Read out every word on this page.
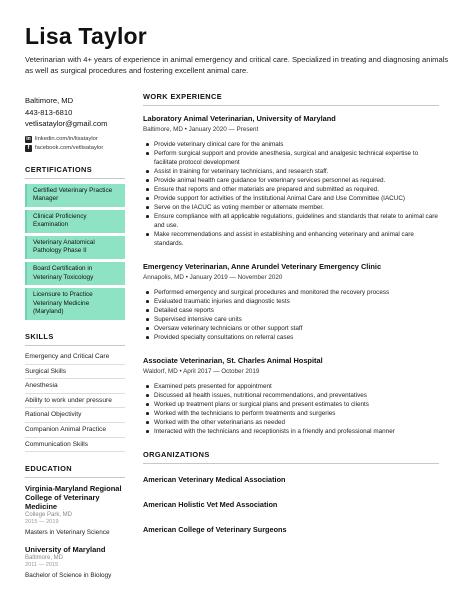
Lisa Taylor
Veterinarian with 4+ years of experience in animal emergency and critical care. Specialized in treating and diagnosing animals as well as surgical procedures and fostering excellent animal care.
Baltimore, MD
443-813-6810
vetlisataylor@gmail.com
in linkedin.com/in/lisataylor
f facebook.com/vetlisataylor
CERTIFICATIONS
Certified Veterinary Practice Manager
Clinical Proficiency Examination
Veterinary Anatomical Pathology Phase II
Board Certification in Veterinary Toxicology
Licensure to Practice Veterinary Medicine (Maryland)
SKILLS
Emergency and Critical Care
Surgical Skills
Anesthesia
Ability to work under pressure
Rational Objectivity
Companion Animal Practice
Communication Skills
EDUCATION
Virginia-Maryland Regional College of Veterinary Medicine
College Park, MD
2015 — 2019
Masters in Veterinary Science
University of Maryland
Baltimore, MD
2011 — 2015
Bachelor of Science in Biology
WORK EXPERIENCE
Laboratory Animal Veterinarian, University of Maryland
Baltimore, MD • January 2020 — Present
Provide veterinary clinical care for the animals
Perform surgical support and provide anesthesia, surgical and analgesic technical expertise to facilitate protocol development
Assist in training for veterinary technicians, and research staff.
Provide animal health care guidance for veterinary services personnel as required.
Ensure that reports and other materials are prepared and submitted as required.
Provide support for activities of the Institutional Animal Care and Use Committee (IACUC)
Serve on the IACUC as voting member or alternate member.
Ensure compliance with all applicable regulations, guidelines and standards that relate to animal care and use.
Make recommendations and assist in establishing and enhancing veterinary and animal care standards.
Emergency Veterinarian, Anne Arundel Veterinary Emergency Clinic
Annapolis, MD • January 2019 — November 2020
Performed emergency and surgical procedures and monitored the recovery process
Evaluated traumatic injuries and diagnostic tests
Detailed case reports
Supervised intensive care units
Oversaw veterinary technicians or other support staff
Provided specialty consultations on referral cases
Associate Veterinarian, St. Charles Animal Hospital
Waldorf, MD • April 2017 — October 2019
Examined pets presented for appointment
Discussed all health issues, nutritional recommendations, and preventatives
Worked up treatment plans or surgical plans and present estimates to clients
Worked with the technicians to perform treatments and surgeries
Worked with the other veterinarians as needed
Interacted with the technicians and receptionists in a friendly and professional manner
ORGANIZATIONS
American Veterinary Medical Association
American Holistic Vet Med Association
American College of Veterinary Surgeons
